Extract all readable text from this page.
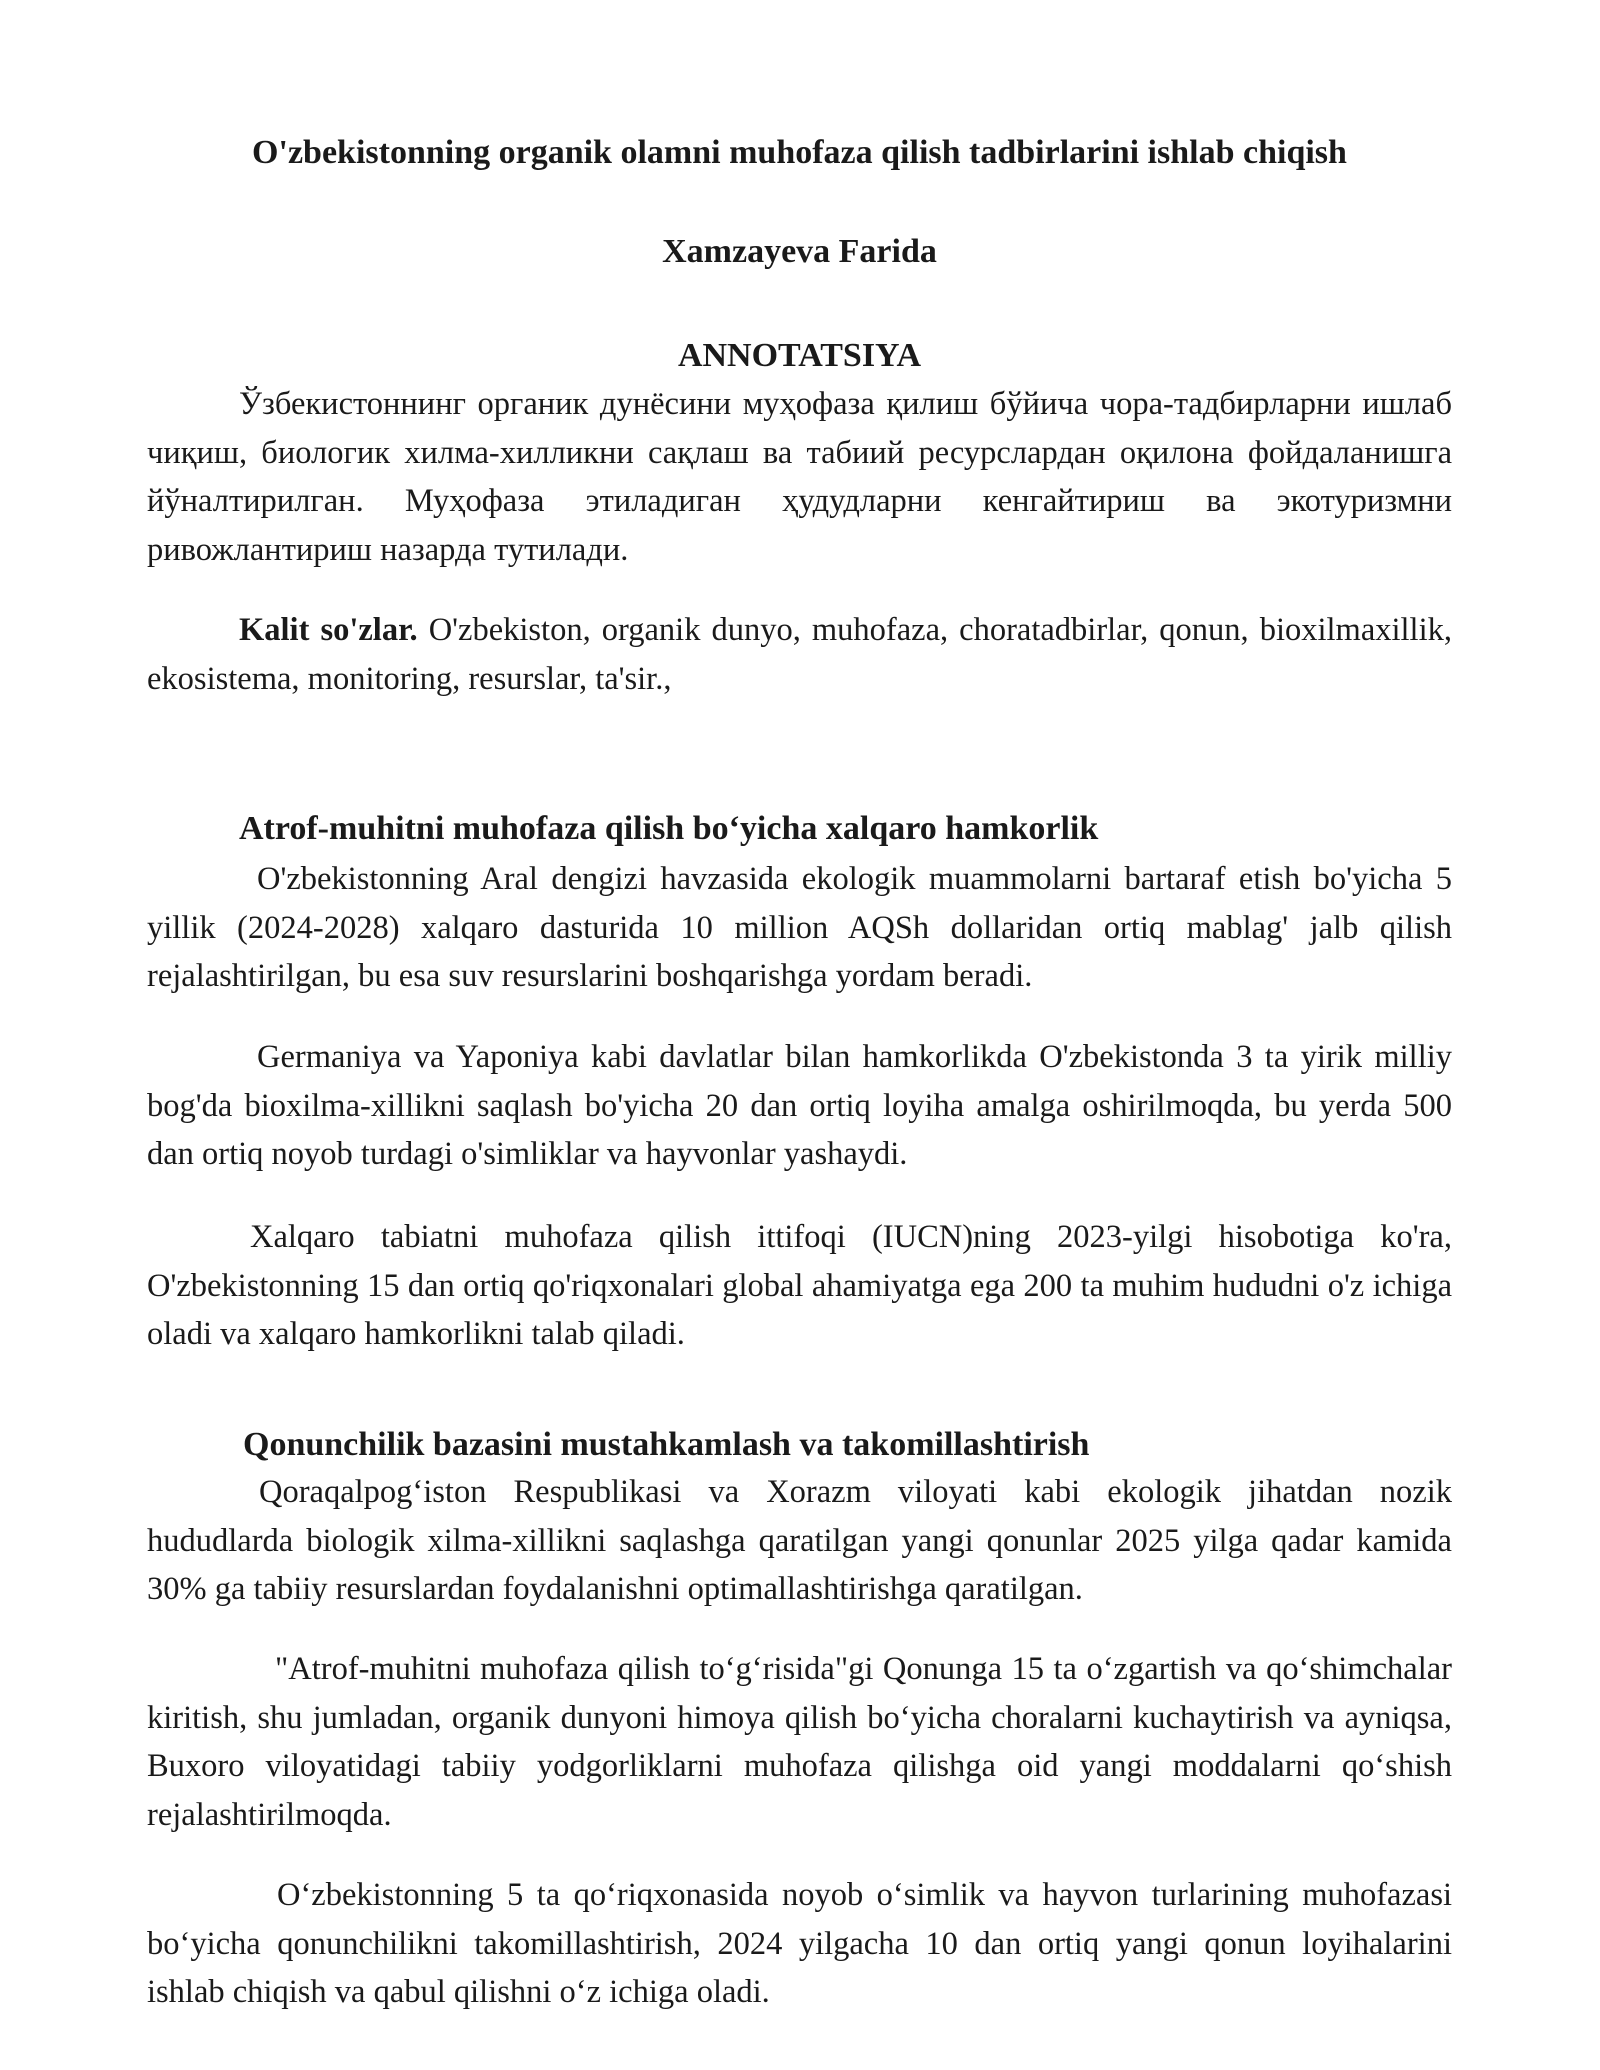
O'zbekistonning organik olamni muhofaza qilish tadbirlarini ishlab chiqish

Xamzayeva Farida

ANNOTATSIYA

Ўзбекистоннинг органик дунёсини муҳофаза қилиш бўйича чора-тадбирларни ишлаб чиқиш, биологик хилма-хилликни сақлаш ва табиий ресурслардан оқилона фойдаланишга йўналтирилган. Муҳофаза этиладиган ҳудудларни кенгайтириш ва экотуризмни ривожлантириш назарда тутилади.

Kalit so'zlar. O'zbekiston, organik dunyo, muhofaza, choratadbirlar, qonun, bioxilmaxillik, ekosistema, monitoring, resurslar, ta'sir.,

Atrof-muhitni muhofaza qilish bo‘yicha xalqaro hamkorlik

O'zbekistonning Aral dengizi havzasida ekologik muammolarni bartaraf etish bo'yicha 5 yillik (2024-2028) xalqaro dasturida 10 million AQSh dollaridan ortiq mablag' jalb qilish rejalashtirilgan, bu esa suv resurslarini boshqarishga yordam beradi.

Germaniya va Yaponiya kabi davlatlar bilan hamkorlikda O'zbekistonda 3 ta yirik milliy bog'da bioxilma-xillikni saqlash bo'yicha 20 dan ortiq loyiha amalga oshirilmoqda, bu yerda 500 dan ortiq noyob turdagi o'simliklar va hayvonlar yashaydi.

Xalqaro tabiatni muhofaza qilish ittifoqi (IUCN)ning 2023-yilgi hisobotiga ko'ra, O'zbekistonning 15 dan ortiq qo'riqxonalari global ahamiyatga ega 200 ta muhim hududni o'z ichiga oladi va xalqaro hamkorlikni talab qiladi.

Qonunchilik bazasini mustahkamlash va takomillashtirish

Qoraqalpog‘iston Respublikasi va Xorazm viloyati kabi ekologik jihatdan nozik hududlarda biologik xilma-xillikni saqlashga qaratilgan yangi qonunlar 2025 yilga qadar kamida 30% ga tabiiy resurslardan foydalanishni optimallashtirishga qaratilgan.

"Atrof-muhitni muhofaza qilish to‘g‘risida"gi Qonunga 15 ta o‘zgartish va qo‘shimchalar kiritish, shu jumladan, organik dunyoni himoya qilish bo‘yicha choralarni kuchaytirish va ayniqsa, Buxoro viloyatidagi tabiiy yodgorliklarni muhofaza qilishga oid yangi moddalarni qo‘shish rejalashtirilmoqda.

O‘zbekistonning 5 ta qo‘riqxonasida noyob o‘simlik va hayvon turlarining muhofazasi bo‘yicha qonunchilikni takomillashtirish, 2024 yilgacha 10 dan ortiq yangi qonun loyihalarini ishlab chiqish va qabul qilishni o‘z ichiga oladi.
